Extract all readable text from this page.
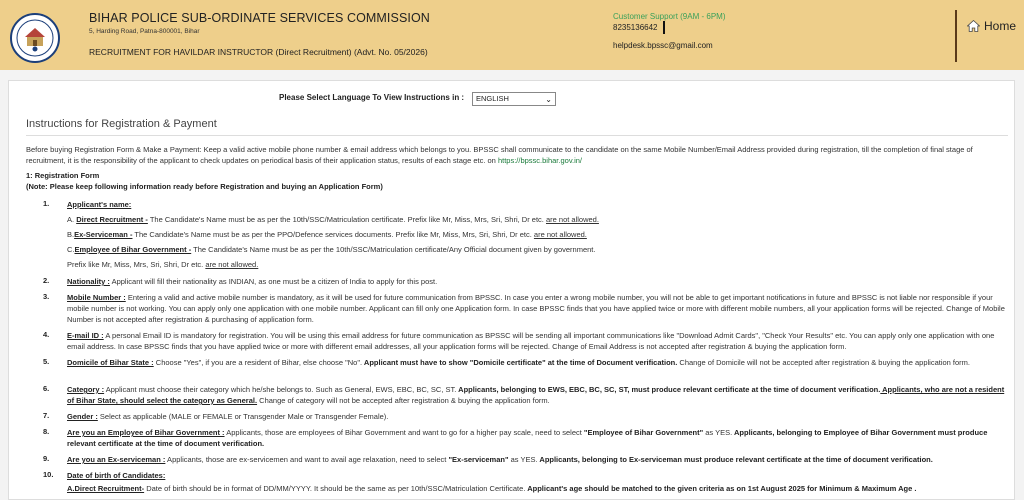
BIHAR POLICE SUB-ORDINATE SERVICES COMMISSION
5, Harding Road, Patna-800001, Bihar
RECRUITMENT FOR HAVILDAR INSTRUCTOR (Direct Recruitment) (Advt. No. 05/2026)
Customer Support (9AM - 6PM)
8235136642
helpdesk.bpssc@gmail.com
Home
Please Select Language To View Instructions in :	ENGLISH	⌄
Instructions for Registration & Payment
Before buying Registration Form & Make a Payment: Keep a valid active mobile phone number & email address which belongs to you. BPSSC shall communicate to the candidate on the same Mobile Number/Email Address provided during registration, till the completion of final stage of recruitment, it is the responsibility of the applicant to check updates on periodical basis of their application status, results of each stage etc. on https://bpssc.bihar.gov.in/
1: Registration Form
(Note: Please keep following information ready before Registration and buying an Application Form)
1. Applicant's name:
A. Direct Recruitment - The Candidate's Name must be as per the 10th/SSC/Matriculation certificate. Prefix like Mr, Miss, Mrs, Sri, Shri, Dr etc. are not allowed.
B.Ex-Serviceman - The Candidate's Name must be as per the PPO/Defence services documents. Prefix like Mr, Miss, Mrs, Sri, Shri, Dr etc. are not allowed.
C.Employee of Bihar Government - The Candidate's Name must be as per the 10th/SSC/Matriculation certificate/Any Official document given by government.
Prefix like Mr, Miss, Mrs, Sri, Shri, Dr etc. are not allowed.
2. Nationality : Applicant will fill their nationality as INDIAN, as one must be a citizen of India to apply for this post.
3. Mobile Number : Entering a valid and active mobile number is mandatory, as it will be used for future communication from BPSSC. In case you enter a wrong mobile number, you will not be able to get important notifications in future and BPSSC is not liable nor responsible if your mobile number is not working. You can apply only one application with one mobile number. Applicant can fill only one Application form. In case BPSSC finds that you have applied twice or more with different mobile numbers, all your application forms will be rejected. Change of Mobile Number is not accepted after registration & purchasing of application form.
4. E-mail ID : A personal Email ID is mandatory for registration. You will be using this email address for future communication as BPSSC will be sending all important communications like "Download Admit Cards", "Check Your Results" etc. You can apply only one application with one email address. In case BPSSC finds that you have applied twice or more with different email addresses, all your application forms will be rejected. Change of Email Address is not accepted after registration & buying the application form.
5. Domicile of Bihar State : Choose "Yes", if you are a resident of Bihar, else choose "No". Applicant must have to show "Domicile certificate" at the time of Document verification. Change of Domicile will not be accepted after registration & buying the application form.
6. Category : Applicant must choose their category which he/she belongs to. Such as General, EWS, EBC, BC, SC, ST. Applicants, belonging to EWS, EBC, BC, SC, ST, must produce relevant certificate at the time of document verification. Applicants, who are not a resident of Bihar State, should select the category as General. Change of category will not be accepted after registration & buying the application form.
7. Gender : Select as applicable (MALE or FEMALE or Transgender Male or Transgender Female).
8. Are you an Employee of Bihar Government : Applicants, those are employees of Bihar Government and want to go for a higher pay scale, need to select "Employee of Bihar Government" as YES. Applicants, belonging to Employee of Bihar Government must produce relevant certificate at the time of document verification.
9. Are you an Ex-serviceman : Applicants, those are ex-servicemen and want to avail age relaxation, need to select "Ex-serviceman" as YES. Applicants, belonging to Ex-serviceman must produce relevant certificate at the time of document verification.
10. Date of birth of Candidates:
A.Direct Recruitment- Date of birth should be in format of DD/MM/YYYY. It should be the same as per 10th/SSC/Matriculation Certificate. Applicant's age should be matched to the given criteria as on 1st August 2025 for Minimum & Maximum Age .
